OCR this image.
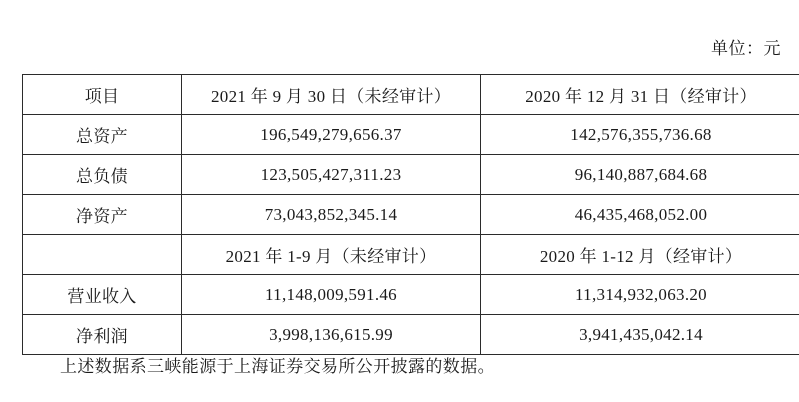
单位：元
项目	2021 年 9 月 30 日（未经审计）	2020 年 12 月 31 日（经审计）
总资产	196,549,279,656.37	142,576,355,736.68
总负债	123,505,427,311.23	96,140,887,684.68
净资产	73,043,852,345.14	46,435,468,052.00
	2021 年 1-9 月（未经审计）	2020 年 1-12 月（经审计）
营业收入	11,148,009,591.46	11,314,932,063.20
净利润	3,998,136,615.99	3,941,435,042.14
上述数据系三峡能源于上海证券交易所公开披露的数据。
